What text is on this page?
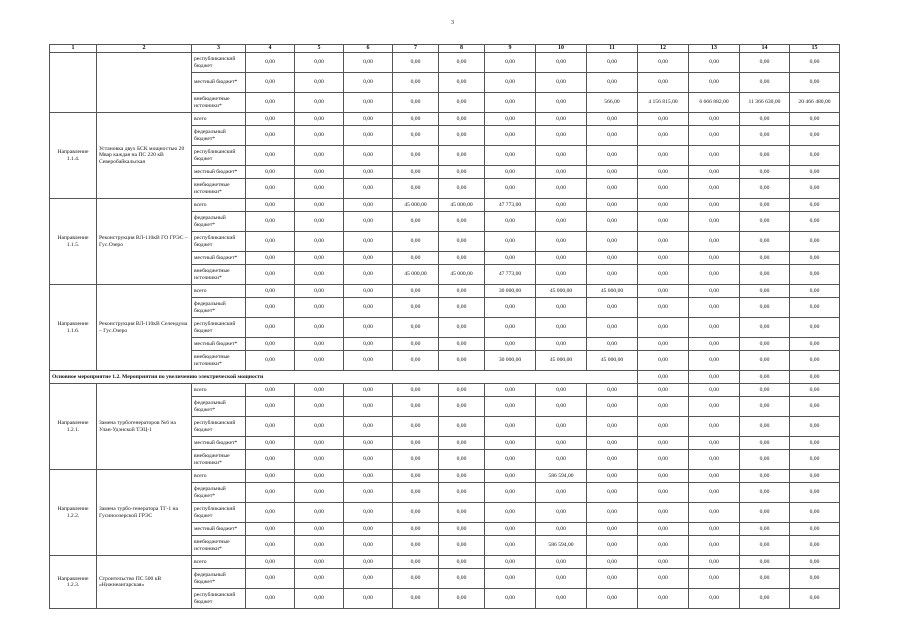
3
1	2	3	4	5	6	7	8	9	10	11	12	13	14	15
		республиканский бюджет	0,00	0,00	0,00	0,00	0,00	0,00	0,00	0,00	0,00	0,00	0,00	0,00
		местный бюджет*	0,00	0,00	0,00	0,00	0,00	0,00	0,00	0,00	0,00	0,00	0,00	0,00
		внебюджетные источники*	0,00	0,00	0,00	0,00	0,00	0,00	0,00	566,00	4 156 815,00	6 666 882,00	11 366 630,00	20 466 480,00
Направление 1.1.4.	Установка двух БСК мощностью 20 Мвар каждая на ПС 220 кВ Северобайкальская	всего	0,00	0,00	0,00	0,00	0,00	0,00	0,00	0,00	0,00	0,00	0,00	0,00
		федеральный бюджет*	0,00	0,00	0,00	0,00	0,00	0,00	0,00	0,00	0,00	0,00	0,00	0,00
		республиканский бюджет	0,00	0,00	0,00	0,00	0,00	0,00	0,00	0,00	0,00	0,00	0,00	0,00
		местный бюджет*	0,00	0,00	0,00	0,00	0,00	0,00	0,00	0,00	0,00	0,00	0,00	0,00
		внебюджетные источники*	0,00	0,00	0,00	0,00	0,00	0,00	0,00	0,00	0,00	0,00	0,00	0,00
Направление 1.1.5.	Реконструкция ВЛ-110кВ ГО ГРЭС – Гус.Озеро	всего	0,00	0,00	0,00	45 000,00	45 000,00	47 773,00	0,00	0,00	0,00	0,00	0,00	0,00
		федеральный бюджет*	0,00	0,00	0,00	0,00	0,00	0,00	0,00	0,00	0,00	0,00	0,00	0,00
		республиканский бюджет	0,00	0,00	0,00	0,00	0,00	0,00	0,00	0,00	0,00	0,00	0,00	0,00
		местный бюджет*	0,00	0,00	0,00	0,00	0,00	0,00	0,00	0,00	0,00	0,00	0,00	0,00
		внебюджетные источники*	0,00	0,00	0,00	45 000,00	45 000,00	47 773,00	0,00	0,00	0,00	0,00	0,00	0,00
Направление 1.1.6.	Реконструкция ВЛ-110кВ Селендума – Гус.Озеро	всего	0,00	0,00	0,00	0,00	0,00	30 000,00	45 000,00	45 000,00	0,00	0,00	0,00	0,00
		федеральный бюджет*	0,00	0,00	0,00	0,00	0,00	0,00	0,00	0,00	0,00	0,00	0,00	0,00
		республиканский бюджет	0,00	0,00	0,00	0,00	0,00	0,00	0,00	0,00	0,00	0,00	0,00	0,00
		местный бюджет*	0,00	0,00	0,00	0,00	0,00	0,00	0,00	0,00	0,00	0,00	0,00	0,00
		внебюджетные источники*	0,00	0,00	0,00	0,00	0,00	30 000,00	45 000,00	45 000,00	0,00	0,00	0,00	0,00
Основное мероприятие 1.2. Мероприятия по увеличению электрической мощности											0,00	0,00	0,00	0,00
Направление 1.2.1.	Замена турбогенераторов №6 на Улан-Удэнской ТЭЦ-1	всего	0,00	0,00	0,00	0,00	0,00	0,00	0,00	0,00	0,00	0,00	0,00	0,00
		федеральный бюджет*	0,00	0,00	0,00	0,00	0,00	0,00	0,00	0,00	0,00	0,00	0,00	0,00
		республиканский бюджет	0,00	0,00	0,00	0,00	0,00	0,00	0,00	0,00	0,00	0,00	0,00	0,00
		местный бюджет*	0,00	0,00	0,00	0,00	0,00	0,00	0,00	0,00	0,00	0,00	0,00	0,00
		внебюджетные источники*	0,00	0,00	0,00	0,00	0,00	0,00	0,00	0,00	0,00	0,00	0,00	0,00
Направление 1.2.2.	Замена турбо-генератора ТГ-1 на Гусиноозерской ГРЭС	всего	0,00	0,00	0,00	0,00	0,00	0,00	586 594,00	0,00	0,00	0,00	0,00	0,00
		федеральный бюджет*	0,00	0,00	0,00	0,00	0,00	0,00	0,00	0,00	0,00	0,00	0,00	0,00
		республиканский бюджет	0,00	0,00	0,00	0,00	0,00	0,00	0,00	0,00	0,00	0,00	0,00	0,00
		местный бюджет*	0,00	0,00	0,00	0,00	0,00	0,00	0,00	0,00	0,00	0,00	0,00	0,00
		внебюджетные источники*	0,00	0,00	0,00	0,00	0,00	0,00	586 594,00	0,00	0,00	0,00	0,00	0,00
Направление 1.2.3.	Строительство ПС 500 кВ «Нижнеангарская»	всего	0,00	0,00	0,00	0,00	0,00	0,00	0,00	0,00	0,00	0,00	0,00	0,00
		федеральный бюджет*	0,00	0,00	0,00	0,00	0,00	0,00	0,00	0,00	0,00	0,00	0,00	0,00
		республиканский бюджет	0,00	0,00	0,00	0,00	0,00	0,00	0,00	0,00	0,00	0,00	0,00	0,00
